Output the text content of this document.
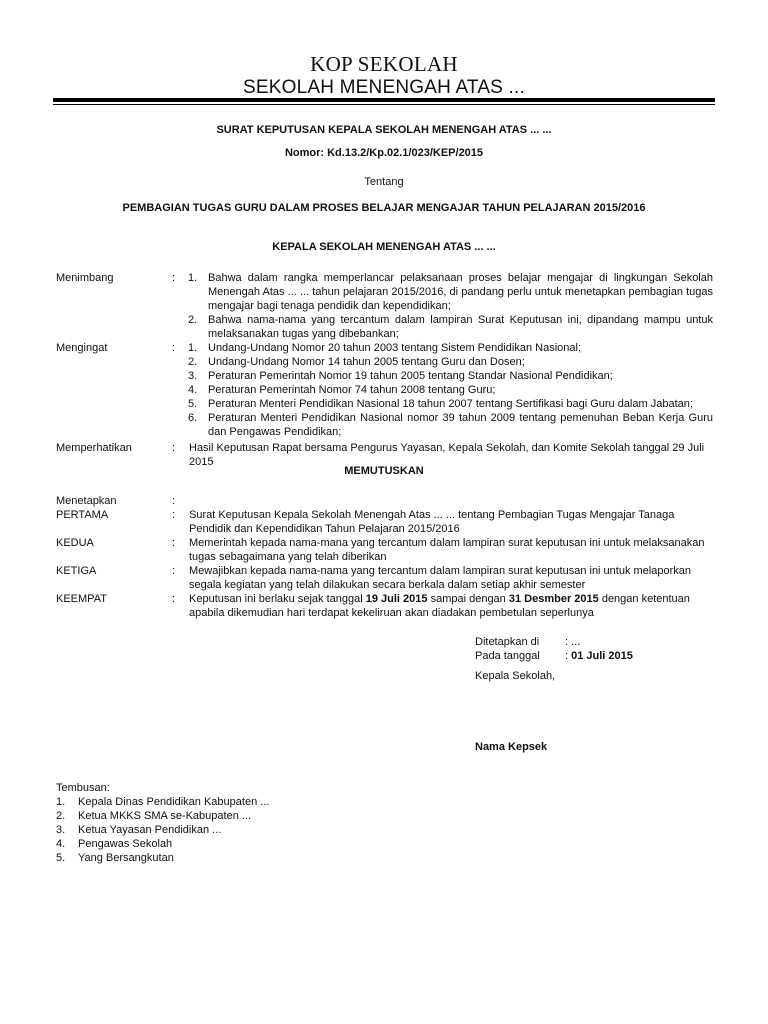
KOP SEKOLAH
SEKOLAH MENENGAH ATAS ...
SURAT KEPUTUSAN KEPALA SEKOLAH MENENGAH ATAS ... ...
Nomor: Kd.13.2/Kp.02.1/023/KEP/2015
Tentang
PEMBAGIAN TUGAS GURU DALAM PROSES BELAJAR MENGAJAR TAHUN PELAJARAN 2015/2016
KEPALA SEKOLAH MENENGAH ATAS ... ...
Menimbang	: 1. Bahwa dalam rangka memperlancar pelaksanaan proses belajar mengajar di lingkungan Sekolah Menengah Atas ... ... tahun pelajaran 2015/2016, di pandang perlu untuk menetapkan pembagian tugas mengajar bagi tenaga pendidik dan kependidikan;
2. Bahwa nama-nama yang tercantum dalam lampiran Surat Keputusan ini, dipandang mampu untuk melaksanakan tugas yang dibebankan;
Mengingat	: 1. Undang-Undang Nomor 20 tahun 2003 tentang Sistem Pendidikan Nasional;
2. Undang-Undang Nomor 14 tahun 2005 tentang Guru dan Dosen;
3. Peraturan Pemerintah Nomor 19 tahun 2005 tentang Standar Nasional Pendidikan;
4. Peraturan Pemerintah Nomor 74 tahun 2008 tentang Guru;
5. Peraturan Menteri Pendidikan Nasional 18 tahun 2007 tentang Sertifikasi bagi Guru dalam Jabatan;
6. Peraturan Menteri Pendidikan Nasional nomor 39 tahun 2009 tentang pemenuhan Beban Kerja Guru dan Pengawas Pendidikan;
Memperhatikan	: Hasil Keputusan Rapat bersama Pengurus Yayasan, Kepala Sekolah, dan Komite Sekolah tanggal 29 Juli 2015
MEMUTUSKAN
Menetapkan	:
PERTAMA	: Surat Keputusan Kepala Sekolah Menengah Atas ... ... tentang Pembagian Tugas Mengajar Tanaga Pendidik dan Kependidikan Tahun Pelajaran 2015/2016
KEDUA	: Memerintah kepada nama-mana yang tercantum dalam lampiran surat keputusan ini untuk melaksanakan tugas sebagaimana yang telah diberikan
KETIGA	: Mewajibkan kepada nama-nama yang tercantum dalam lampiran surat keputusan ini untuk melaporkan segala kegiatan yang telah dilakukan secara berkala dalam setiap akhir semester
KEEMPAT	: Keputusan ini berlaku sejak tanggal 19 Juli 2015 sampai dengan 31 Desmber 2015 dengan ketentuan apabila dikemudian hari terdapat kekeliruan akan diadakan pembetulan seperlunya
Ditetapkan di : ...
Pada tanggal : 01 Juli 2015
Kepala Sekolah,
Nama Kepsek
Tembusan:
1. Kepala Dinas Pendidikan Kabupaten ...
2. Ketua MKKS SMA se-Kabupaten ...
3. Ketua Yayasan Pendidikan ...
4. Pengawas Sekolah
5. Yang Bersangkutan
